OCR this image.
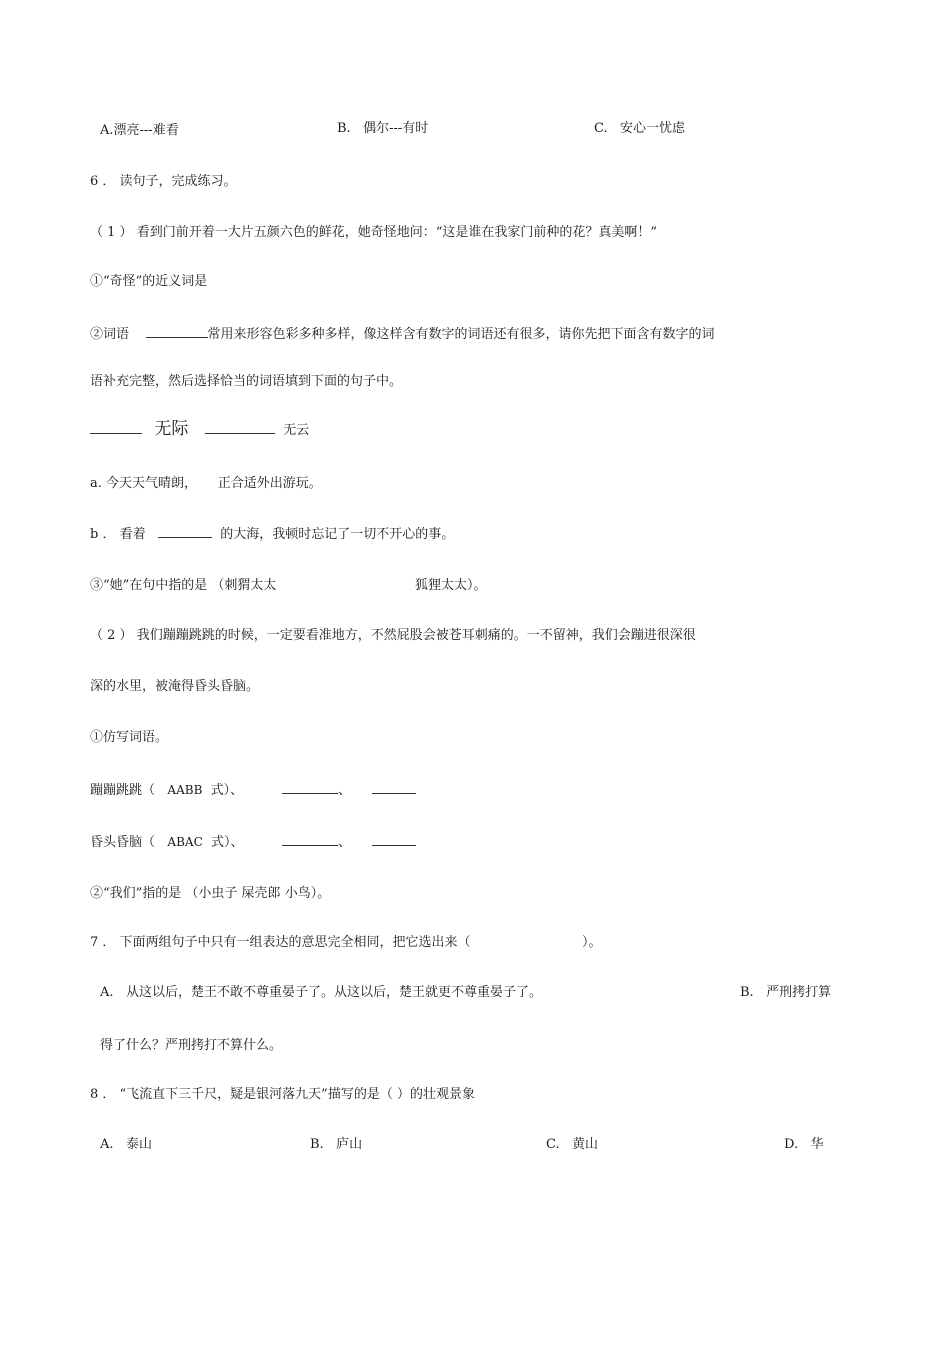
A.漂亮---难看	B. 偶尔---有时	C. 安心一忧虑
6 ． 读句子，完成练习。
（ 1 ） 看到门前开着一大片五颜六色的鲜花，她奇怪地问：“这是谁在我家门前种的花？真美啊！”
①“奇怪”的近义词是
②词语	常用来形容色彩多种多样，像这样含有数字的词语还有很多，请你先把下面含有数字的词
语补充完整，然后选择恰当的词语填到下面的句子中。
无际	无云
a. 今天天气晴朗， 正合适外出游玩。
b ． 看着	的大海，我顿时忘记了一切不开心的事。
③“她”在句中指的是 （刺猬太太	狐狸太太）。
（ 2 ） 我们蹦蹦跳跳的时候，一定要看准地方，不然屁股会被苍耳刺痛的。一不留神，我们会蹦进很深很
深的水里，被淹得昏头昏脑。
①仿写词语。
蹦蹦跳跳（ AABB 式）、	、
昏头昏脑（ ABAC 式）、	、
②“我们”指的是 （小虫子 屎壳郎 小鸟）。
7 ． 下面两组句子中只有一组表达的意思完全相同，把它选出来（	）。
A. 从这以后，楚王不敢不尊重晏子了。从这以后，楚王就更不尊重晏子了。	B. 严刑拷打算
得了什么？严刑拷打不算什么。
8 ． “飞流直下三千尺，疑是银河落九天”描写的是（ ）的壮观景象
A. 泰山	B. 庐山	C. 黄山	D. 华
